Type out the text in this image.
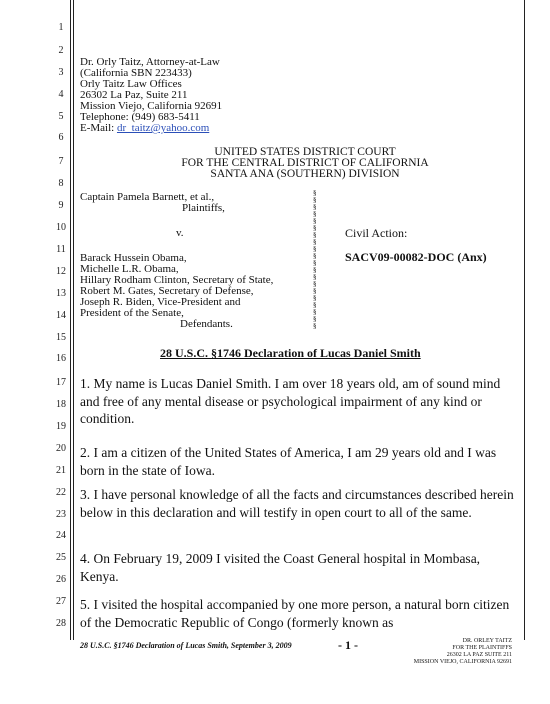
1
2
3
4
5
6
7
8
9
10
11
12
13
14
15
16
17
18
19
20
21
22
23
24
25
26
27
28
Dr. Orly Taitz, Attorney-at-Law
(California SBN 223433)
Orly Taitz Law Offices
26302 La Paz, Suite 211
Mission Viejo, California 92691
Telephone: (949) 683-5411
E-Mail: dr_taitz@yahoo.com
UNITED STATES DISTRICT COURT
FOR THE CENTRAL DISTRICT OF CALIFORNIA
SANTA ANA (SOUTHERN) DIVISION
Captain Pamela Barnett, et al.,
Plaintiffs,
v.
Barack Hussein Obama,
Michelle L.R. Obama,
Hillary Rodham Clinton, Secretary of State,
Robert M. Gates, Secretary of Defense,
Joseph R. Biden, Vice-President and
President of the Senate,
Defendants.
§
§
§
§
§
§
§
§
§
§
§
§
§
§
§
§
§
§
§
§
Civil Action:
SACV09-00082-DOC (Anx)
28 U.S.C. §1746 Declaration of Lucas Daniel Smith
1. My name is Lucas Daniel Smith. I am over 18 years old, am of sound mind and free of any mental disease or psychological impairment of any kind or condition.
2. I am a citizen of the United States of America, I am 29 years old and I was born in the state of Iowa.
3. I have personal knowledge of all the facts and circumstances described herein below in this declaration and will testify in open court to all of the same.
4. On February 19, 2009 I visited the Coast General hospital in Mombasa, Kenya.
5. I visited the hospital accompanied by one more person, a natural born citizen of the Democratic Republic of Congo (formerly known as
28 U.S.C. §1746 Declaration of Lucas Smith, September 3, 2009	- 1 -	DR. ORLEY TAITZ
FOR THE PLAINTIFFS
26302 LA PAZ SUITE 211
MISSION VIEJO, CALIFORNIA 92691
